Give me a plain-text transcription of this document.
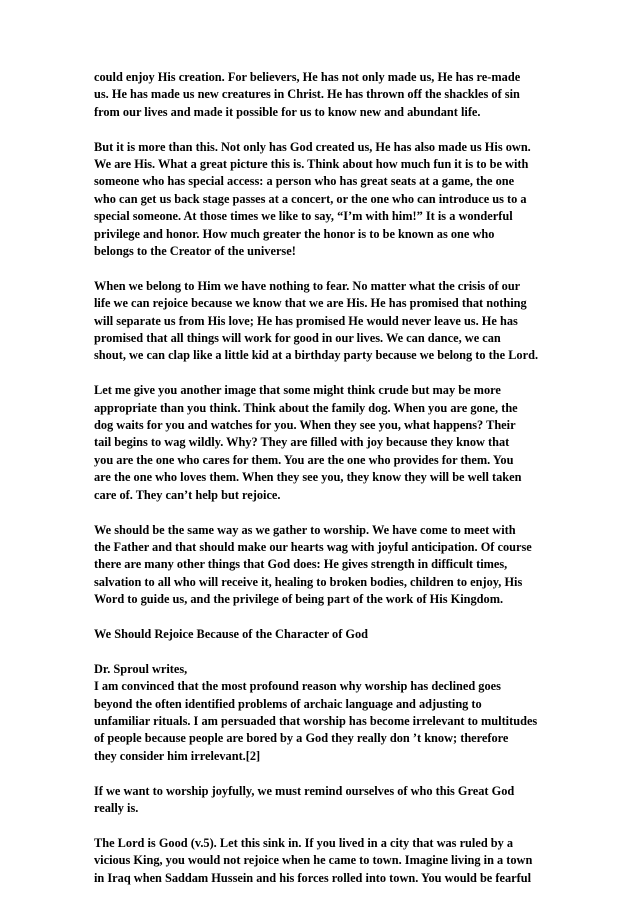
could enjoy His creation. For believers, He has not only made us, He has re-made
us. He has made us new creatures in Christ. He has thrown off the shackles of sin
from our lives and made it possible for us to know new and abundant life.
But it is more than this. Not only has God created us, He has also made us His own.
We are His. What a great picture this is. Think about how much fun it is to be with
someone who has special access: a person who has great seats at a game, the one
who can get us back stage passes at a concert, or the one who can introduce us to a
special someone. At those times we like to say, “I’m with him!” It is a wonderful
privilege and honor. How much greater the honor is to be known as one who
belongs to the Creator of the universe!
When we belong to Him we have nothing to fear. No matter what the crisis of our
life we can rejoice because we know that we are His. He has promised that nothing
will separate us from His love; He has promised He would never leave us. He has
promised that all things will work for good in our lives. We can dance, we can
shout, we can clap like a little kid at a birthday party because we belong to the Lord.
Let me give you another image that some might think crude but may be more
appropriate than you think. Think about the family dog. When you are gone, the
dog waits for you and watches for you. When they see you, what happens? Their
tail begins to wag wildly. Why? They are filled with joy because they know that
you are the one who cares for them. You are the one who provides for them. You
are the one who loves them. When they see you, they know they will be well taken
care of. They can’t help but rejoice.
We should be the same way as we gather to worship. We have come to meet with
the Father and that should make our hearts wag with joyful anticipation. Of course
there are many other things that God does: He gives strength in difficult times,
salvation to all who will receive it, healing to broken bodies, children to enjoy, His
Word to guide us, and the privilege of being part of the work of His Kingdom.
We Should Rejoice Because of the Character of God
Dr. Sproul writes,
I am convinced that the most profound reason why worship has declined goes
beyond the often identified problems of archaic language and adjusting to
unfamiliar rituals. I am persuaded that worship has become irrelevant to multitudes
of people because people are bored by a God they really don ’t know; therefore
they consider him irrelevant.[2]
If we want to worship joyfully, we must remind ourselves of who this Great God
really is.
The Lord is Good (v.5). Let this sink in. If you lived in a city that was ruled by a
vicious King, you would not rejoice when he came to town. Imagine living in a town
in Iraq when Saddam Hussein and his forces rolled into town. You would be fearful
